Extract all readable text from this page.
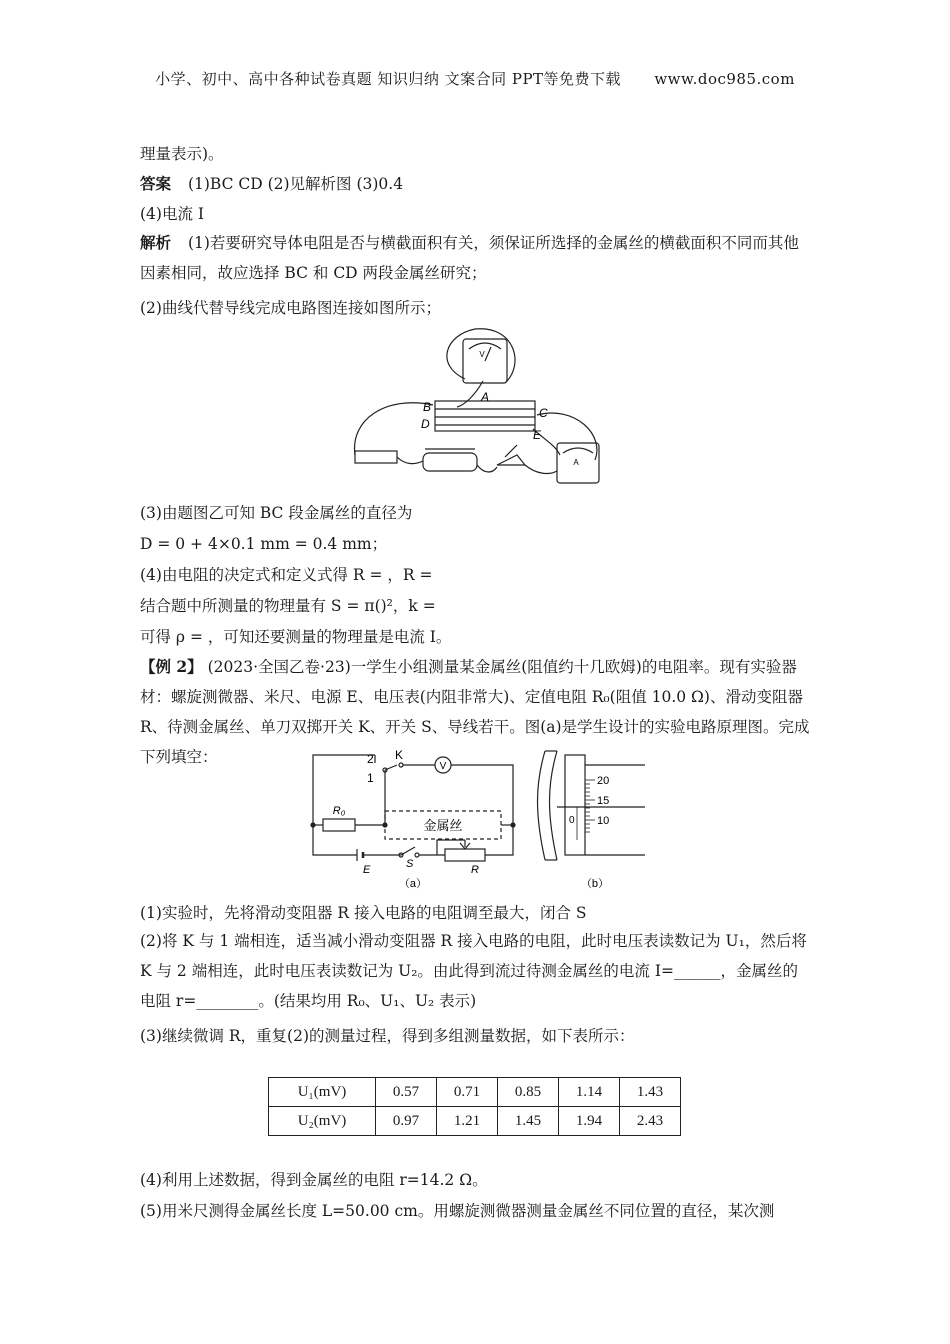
小学、初中、高中各种试卷真题 知识归纳 文案合同 PPT等免费下载 www.doc985.com
理量表示)。
答案 (1)BC CD (2)见解析图 (3)0.4
(4)电流 I
解析 (1)若要研究导体电阻是否与横截面积有关，须保证所选择的金属丝的横截面积不同而其他因素相同，故应选择 BC 和 CD 两段金属丝研究；
(2)曲线代替导线完成电路图连接如图所示；
V
A
A
B	C
D
E
(3)由题图乙可知 BC 段金属丝的直径为
D = 0 + 4×0.1 mm = 0.4 mm；
(4)由电阻的决定式和定义式得 R = ，R =
结合题中所测量的物理量有 S = π()²，k =
可得 ρ = ，可知还要测量的物理量是电流 I。
【例 2】 (2023·全国乙卷·23)一学生小组测量某金属丝(阻值约十几欧姆)的电阻率。现有实验器材：螺旋测微器、米尺、电源 E、电压表(内阻非常大)、定值电阻 R₀(阻值 10.0 Ω)、滑动变阻器 R、待测金属丝、单刀双掷开关 K、开关 S、导线若干。图(a)是学生设计的实验电路原理图。完成下列填空：	2
1
K
V
R₀
金属丝
E	S	R
（a）	（b）
20
15
10
0
(1)实验时，先将滑动变阻器 R 接入电路的电阻调至最大，闭合 S
(2)将 K 与 1 端相连，适当减小滑动变阻器 R 接入电路的电阻，此时电压表读数记为 U₁，然后将 K 与 2 端相连，此时电压表读数记为 U₂。由此得到流过待测金属丝的电流 I=______，金属丝的电阻 r=________。(结果均用 R₀、U₁、U₂ 表示)
(3)继续微调 R，重复(2)的测量过程，得到多组测量数据，如下表所示：
U₁(mV)	0.57	0.71	0.85	1.14	1.43
U₂(mV)	0.97	1.21	1.45	1.94	2.43
(4)利用上述数据，得到金属丝的电阻 r=14.2 Ω。
(5)用米尺测得金属丝长度 L=50.00 cm。用螺旋测微器测量金属丝不同位置的直径，某次测
